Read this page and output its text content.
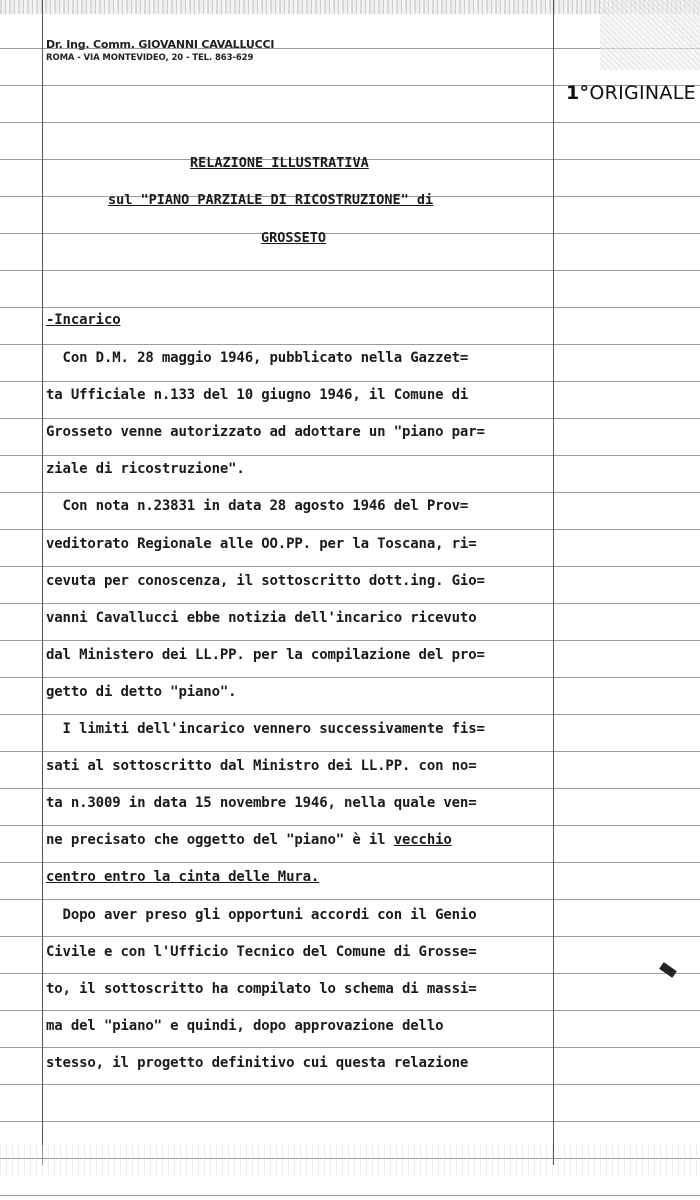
Dr. Ing. Comm. GIOVANNI CAVALLUCCI
ROMA - VIA MONTEVIDEO, 20 - TEL. 863-629
1°ORIGINALE
RELAZIONE ILLUSTRATIVA
sul "PIANO PARZIALE DI RICOSTRUZIONE" di
GROSSETO
-Incarico
Con D.M. 28 maggio 1946, pubblicato nella Gazzet=
ta Ufficiale n.133 del 10 giugno 1946, il Comune di
Grosseto venne autorizzato ad adottare un "piano par=
ziale di ricostruzione".
Con nota n.23831 in data 28 agosto 1946 del Prov=
veditorato Regionale alle OO.PP. per la Toscana, ri=
cevuta per conoscenza, il sottoscritto dott.ing. Gio=
vanni Cavallucci ebbe notizia dell'incarico ricevuto
dal Ministero dei LL.PP. per la compilazione del pro=
getto di detto "piano".
I limiti dell'incarico vennero successivamente fis=
sati al sottoscritto dal Ministro dei LL.PP. con no=
ta n.3009 in data 15 novembre 1946, nella quale ven=
ne precisato che oggetto del "piano" è il vecchio
centro entro la cinta delle Mura.
Dopo aver preso gli opportuni accordi con il Genio
Civile e con l'Ufficio Tecnico del Comune di Grosse=
to, il sottoscritto ha compilato lo schema di massi=
ma del "piano" e quindi, dopo approvazione dello
stesso, il progetto definitivo cui questa relazione
